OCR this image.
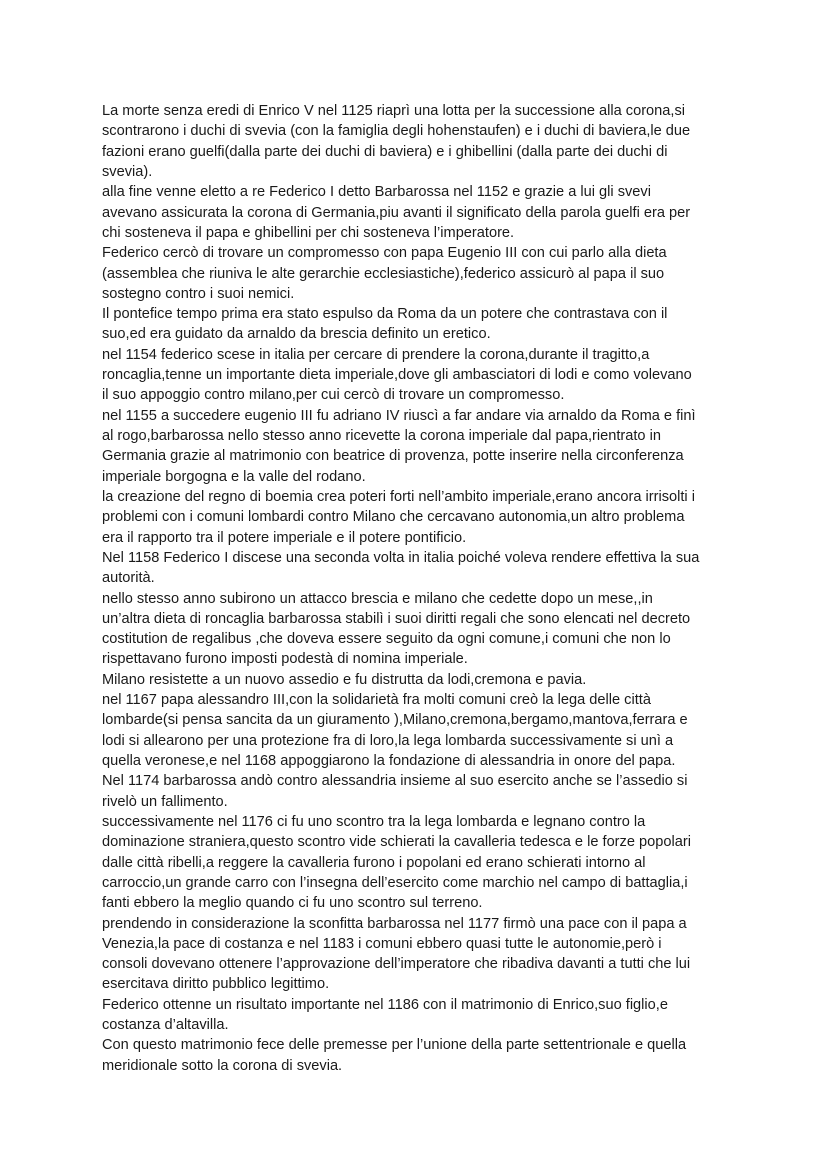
La morte senza eredi di Enrico V nel 1125 riaprì una lotta per la successione alla corona,si
scontrarono i duchi di svevia (con la famiglia degli hohenstaufen) e i duchi di baviera,le due
fazioni erano guelfi(dalla parte dei duchi di baviera) e i ghibellini (dalla parte dei duchi di
svevia).
alla fine venne eletto a re Federico I detto Barbarossa nel 1152 e grazie a lui gli svevi
avevano assicurata la corona di Germania,piu avanti il significato della parola guelfi era per
chi sosteneva il papa e ghibellini per chi sosteneva l’imperatore.
Federico cercò di trovare un compromesso con papa Eugenio III con cui parlo alla dieta
(assemblea che riuniva le alte gerarchie ecclesiastiche),federico assicurò al papa il suo
sostegno contro i suoi nemici.
Il pontefice tempo prima era stato espulso da Roma da un potere che contrastava con il
suo,ed era guidato da arnaldo da brescia definito un eretico.
nel 1154 federico scese in italia per cercare di prendere la corona,durante il tragitto,a
roncaglia,tenne un importante dieta imperiale,dove gli ambasciatori di lodi e como volevano
il suo appoggio contro milano,per cui cercò di trovare un compromesso.
nel 1155 a succedere eugenio III fu adriano IV riuscì a far andare via arnaldo da Roma e finì
al rogo,barbarossa nello stesso anno ricevette la corona imperiale dal papa,rientrato in
Germania grazie al matrimonio con beatrice di provenza, potte inserire nella circonferenza
imperiale borgogna e la valle del rodano.
la creazione del regno di boemia crea poteri forti nell’ambito imperiale,erano ancora irrisolti i
problemi con i comuni lombardi contro Milano che cercavano autonomia,un altro problema
era il rapporto tra il potere imperiale e il potere pontificio.
Nel 1158 Federico I discese una seconda volta in italia poiché voleva rendere effettiva la sua
autorità.
nello stesso anno subirono un attacco brescia e milano che cedette dopo un mese,,in
un’altra dieta di roncaglia barbarossa stabilì i suoi diritti regali che sono elencati nel decreto
costitution de regalibus ,che doveva essere seguito da ogni comune,i comuni che non lo
rispettavano furono imposti podestà di nomina imperiale.
Milano resistette a un nuovo assedio e fu distrutta da lodi,cremona e pavia.
nel 1167 papa alessandro III,con la solidarietà fra molti comuni creò la lega delle città
lombarde(si pensa sancita da un giuramento ),Milano,cremona,bergamo,mantova,ferrara e
lodi si allearono per una protezione fra di loro,la lega lombarda successivamente si unì a
quella veronese,e nel 1168 appoggiarono la fondazione di alessandria in onore del papa.
Nel 1174 barbarossa andò contro alessandria insieme al suo esercito anche se l’assedio si
rivelò un fallimento.
successivamente nel 1176 ci fu uno scontro tra la lega lombarda e legnano contro la
dominazione straniera,questo scontro vide schierati la cavalleria tedesca e le forze popolari
dalle città ribelli,a reggere la cavalleria furono i popolani ed erano schierati intorno al
carroccio,un grande carro con l’insegna dell’esercito come marchio nel campo di battaglia,i
fanti ebbero la meglio quando ci fu uno scontro sul terreno.
prendendo in considerazione la sconfitta barbarossa nel 1177 firmò una pace con il papa a
Venezia,la pace di costanza e nel 1183 i comuni ebbero quasi tutte le autonomie,però i
consoli dovevano ottenere l’approvazione dell’imperatore che ribadiva davanti a tutti che lui
esercitava diritto pubblico legittimo.
Federico ottenne un risultato importante nel 1186 con il matrimonio di Enrico,suo figlio,e
costanza d’altavilla.
Con questo matrimonio fece delle premesse per l’unione della parte settentrionale e quella
meridionale sotto la corona di svevia.
